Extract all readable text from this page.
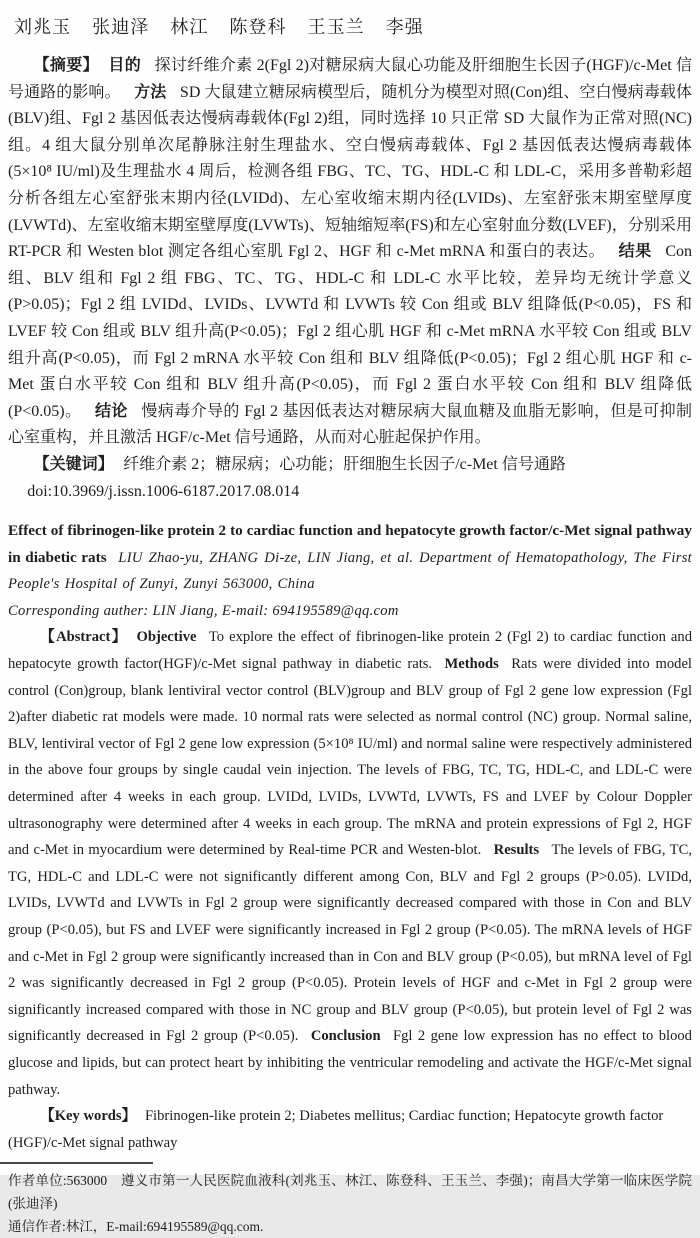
刘兆玉 张迪泽 林江 陈登科 王玉兰 李强

【摘要】 目的 探讨纤维介素 2(Fgl 2)对糖尿病大鼠心功能及肝细胞生长因子(HGF)/c-Met 信号通路的影响。 方法 SD 大鼠建立糖尿病模型后，随机分为模型对照(Con)组、空白慢病毒载体(BLV)组、Fgl 2 基因低表达慢病毒载体(Fgl 2)组，同时选择 10 只正常 SD 大鼠作为正常对照(NC)组。4 组大鼠分别单次尾静脉注射生理盐水、空白慢病毒载体、Fgl 2 基因低表达慢病毒载体(5×10⁸ IU/ml)及生理盐水 4 周后，检测各组 FBG、TC、TG、HDL-C 和 LDL-C，采用多普勒彩超分析各组左心室舒张末期内径(LVIDd)、左心室收缩末期内径(LVIDs)、左室舒张末期室壁厚度(LVWTd)、左室收缩末期室壁厚度(LVWTs)、短轴缩短率(FS)和左心室射血分数(LVEF)，分别采用 RT-PCR 和 Westen blot 测定各组心室肌 Fgl 2、HGF 和 c-Met mRNA 和蛋白的表达。 结果 Con 组、BLV 组和 Fgl 2 组 FBG、TC、TG、HDL-C 和 LDL-C 水平比较，差异均无统计学意义(P>0.05)；Fgl 2 组 LVIDd、LVIDs、LVWTd 和 LVWTs 较 Con 组或 BLV 组降低(P<0.05)，FS 和 LVEF 较 Con 组或 BLV 组升高(P<0.05)；Fgl 2 组心肌 HGF 和 c-Met mRNA 水平较 Con 组或 BLV 组升高(P<0.05)，而 Fgl 2 mRNA 水平较 Con 组和 BLV 组降低(P<0.05)；Fgl 2 组心肌 HGF 和 c-Met 蛋白水平较 Con 组和 BLV 组升高(P<0.05)，而 Fgl 2 蛋白水平较 Con 组和 BLV 组降低(P<0.05)。 结论 慢病毒介导的 Fgl 2 基因低表达对糖尿病大鼠血糖及血脂无影响，但是可抑制心室重构，并且激活 HGF/c-Met 信号通路，从而对心脏起保护作用。

【关键词】 纤维介素 2；糖尿病；心功能；肝细胞生长因子/c-Met 信号通路

doi:10.3969/j.issn.1006-6187.2017.08.014

Effect of fibrinogen-like protein 2 to cardiac function and hepatocyte growth factor/c-Met signal pathway in diabetic rats LIU Zhao-yu, ZHANG Di-ze, LIN Jiang, et al. Department of Hematopathology, The First People's Hospital of Zunyi, Zunyi 563000, China

Corresponding auther: LIN Jiang, E-mail: 694195589@qq.com

【Abstract】 Objective To explore the effect of fibrinogen-like protein 2 (Fgl 2) to cardiac function and hepatocyte growth factor(HGF)/c-Met signal pathway in diabetic rats. Methods Rats were divided into model control (Con)group, blank lentiviral vector control (BLV)group and BLV group of Fgl 2 gene low expression (Fgl 2)after diabetic rat models were made. 10 normal rats were selected as normal control (NC) group. Normal saline, BLV, lentiviral vector of Fgl 2 gene low expression (5×10⁸ IU/ml) and normal saline were respectively administered in the above four groups by single caudal vein injection. The levels of FBG, TC, TG, HDL-C, and LDL-C were determined after 4 weeks in each group. LVIDd, LVIDs, LVWTd, LVWTs, FS and LVEF by Colour Doppler ultrasonography were determined after 4 weeks in each group. The mRNA and protein expressions of Fgl 2, HGF and c-Met in myocardium were determined by Real-time PCR and Westen-blot. Results The levels of FBG, TC, TG, HDL-C and LDL-C were not significantly different among Con, BLV and Fgl 2 groups (P>0.05). LVIDd, LVIDs, LVWTd and LVWTs in Fgl 2 group were significantly decreased compared with those in Con and BLV group (P<0.05), but FS and LVEF were significantly increased in Fgl 2 group (P<0.05). The mRNA levels of HGF and c-Met in Fgl 2 group were significantly increased than in Con and BLV group (P<0.05), but mRNA level of Fgl 2 was significantly decreased in Fgl 2 group (P<0.05). Protein levels of HGF and c-Met in Fgl 2 group were significantly increased compared with those in NC group and BLV group (P<0.05), but protein level of Fgl 2 was significantly decreased in Fgl 2 group (P<0.05). Conclusion Fgl 2 gene low expression has no effect to blood glucose and lipids, but can protect heart by inhibiting the ventricular remodeling and activate the HGF/c-Met signal pathway.

【Key words】 Fibrinogen-like protein 2; Diabetes mellitus; Cardiac function; Hepatocyte growth factor (HGF)/c-Met signal pathway

作者单位:563000　遵义市第一人民医院血液科(刘兆玉、林江、陈登科、王玉兰、李强)；南昌大学第一临床医学院(张迪泽)

通信作者:林江，E-mail:694195589@qq.com.
